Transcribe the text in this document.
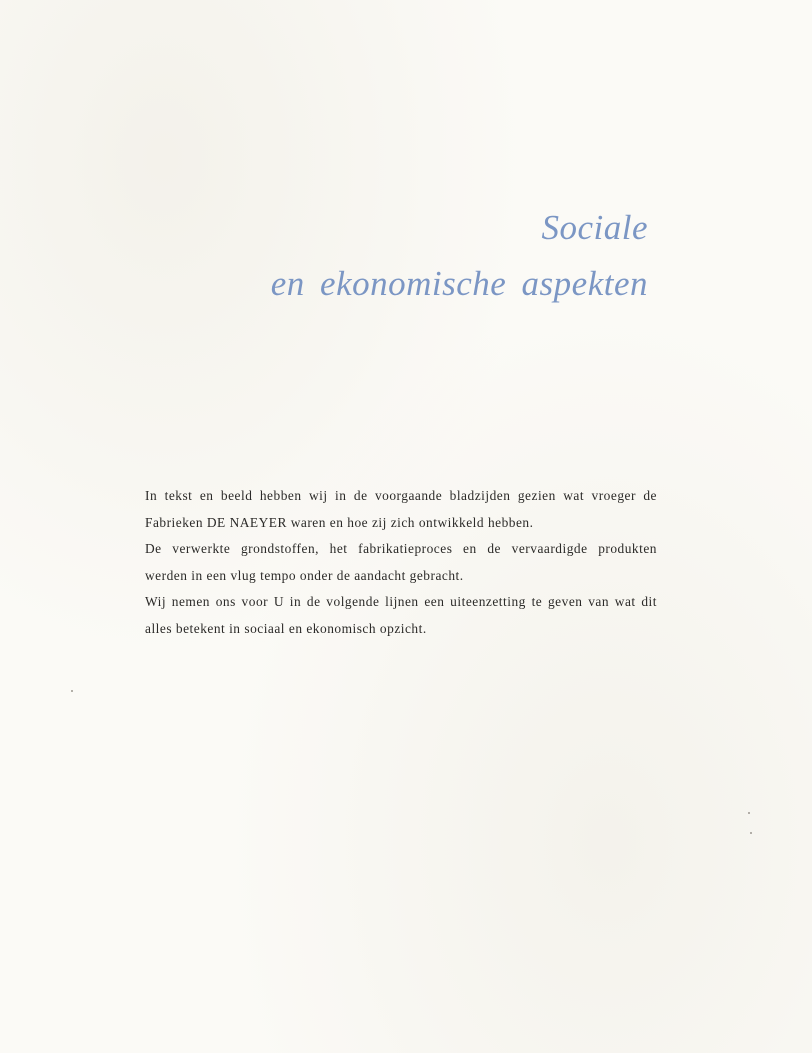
Sociale
en ekonomische aspekten

In tekst en beeld hebben wij in de voorgaande bladzijden gezien wat vroeger de

Fabrieken DE NAEYER waren en hoe zij zich ontwikkeld hebben.

De verwerkte grondstoffen, het fabrikatieproces en de vervaardigde produkten

werden in een vlug tempo onder de aandacht gebracht.

Wij nemen ons voor U in de volgende lijnen een uiteenzetting te geven van wat dit

alles betekent in sociaal en ekonomisch opzicht.
